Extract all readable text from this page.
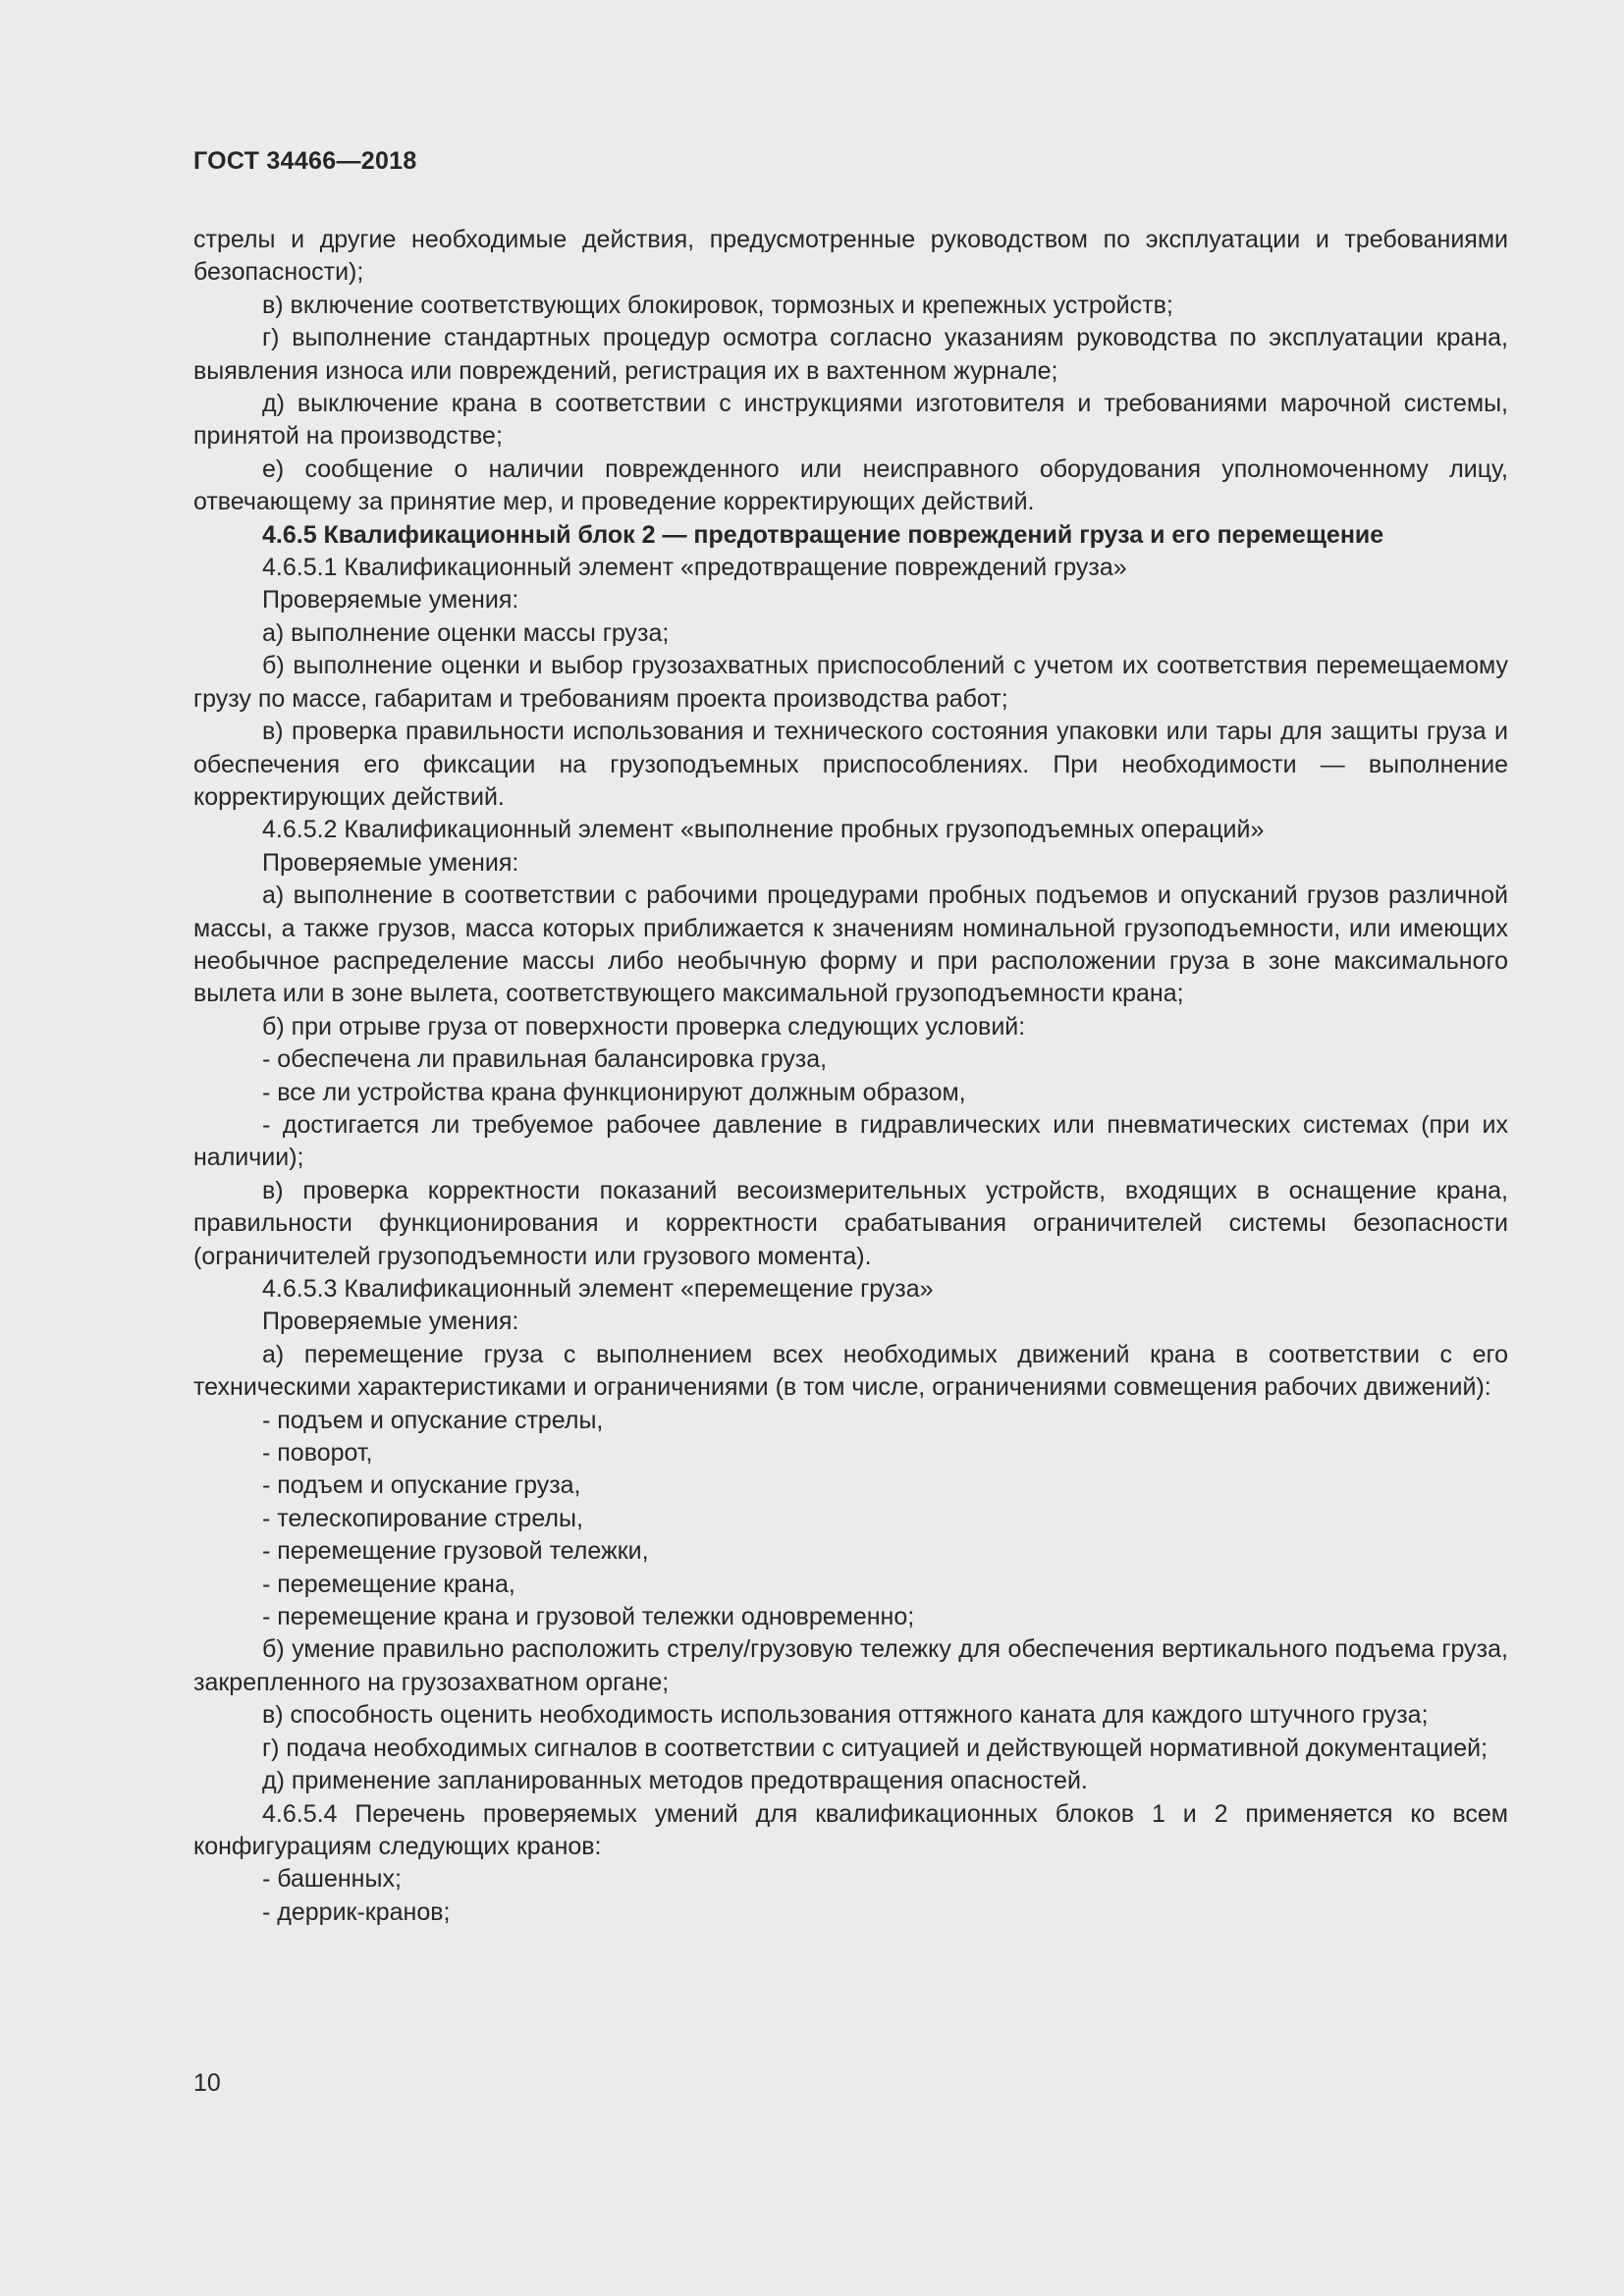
ГОСТ 34466—2018

стрелы и другие необходимые действия, предусмотренные руководством по эксплуатации и требованиями безопасности);

в) включение соответствующих блокировок, тормозных и крепежных устройств;

г) выполнение стандартных процедур осмотра согласно указаниям руководства по эксплуатации крана, выявления износа или повреждений, регистрация их в вахтенном журнале;

д) выключение крана в соответствии с инструкциями изготовителя и требованиями марочной системы, принятой на производстве;

е) сообщение о наличии поврежденного или неисправного оборудования уполномоченному лицу, отвечающему за принятие мер, и проведение корректирующих действий.

4.6.5 Квалификационный блок 2 — предотвращение повреждений груза и его перемещение

4.6.5.1 Квалификационный элемент «предотвращение повреждений груза»

Проверяемые умения:

а) выполнение оценки массы груза;

б) выполнение оценки и выбор грузозахватных приспособлений с учетом их соответствия перемещаемому грузу по массе, габаритам и требованиям проекта производства работ;

в) проверка правильности использования и технического состояния упаковки или тары для защиты груза и обеспечения его фиксации на грузоподъемных приспособлениях. При необходимости — выполнение корректирующих действий.

4.6.5.2 Квалификационный элемент «выполнение пробных грузоподъемных операций»

Проверяемые умения:

а) выполнение в соответствии с рабочими процедурами пробных подъемов и опусканий грузов различной массы, а также грузов, масса которых приближается к значениям номинальной грузоподъемности, или имеющих необычное распределение массы либо необычную форму и при расположении груза в зоне максимального вылета или в зоне вылета, соответствующего максимальной грузоподъемности крана;

б) при отрыве груза от поверхности проверка следующих условий:

- обеспечена ли правильная балансировка груза,

- все ли устройства крана функционируют должным образом,

- достигается ли требуемое рабочее давление в гидравлических или пневматических системах (при их наличии);

в) проверка корректности показаний весоизмерительных устройств, входящих в оснащение крана, правильности функционирования и корректности срабатывания ограничителей системы безопасности (ограничителей грузоподъемности или грузового момента).

4.6.5.3 Квалификационный элемент «перемещение груза»

Проверяемые умения:

а) перемещение груза с выполнением всех необходимых движений крана в соответствии с его техническими характеристиками и ограничениями (в том числе, ограничениями совмещения рабочих движений):

- подъем и опускание стрелы,

- поворот,

- подъем и опускание груза,

- телескопирование стрелы,

- перемещение грузовой тележки,

- перемещение крана,

- перемещение крана и грузовой тележки одновременно;

б) умение правильно расположить стрелу/грузовую тележку для обеспечения вертикального подъема груза, закрепленного на грузозахватном органе;

в) способность оценить необходимость использования оттяжного каната для каждого штучного груза;

г) подача необходимых сигналов в соответствии с ситуацией и действующей нормативной документацией;

д) применение запланированных методов предотвращения опасностей.

4.6.5.4 Перечень проверяемых умений для квалификационных блоков 1 и 2 применяется ко всем конфигурациям следующих кранов:

- башенных;

- деррик-кранов;

10
